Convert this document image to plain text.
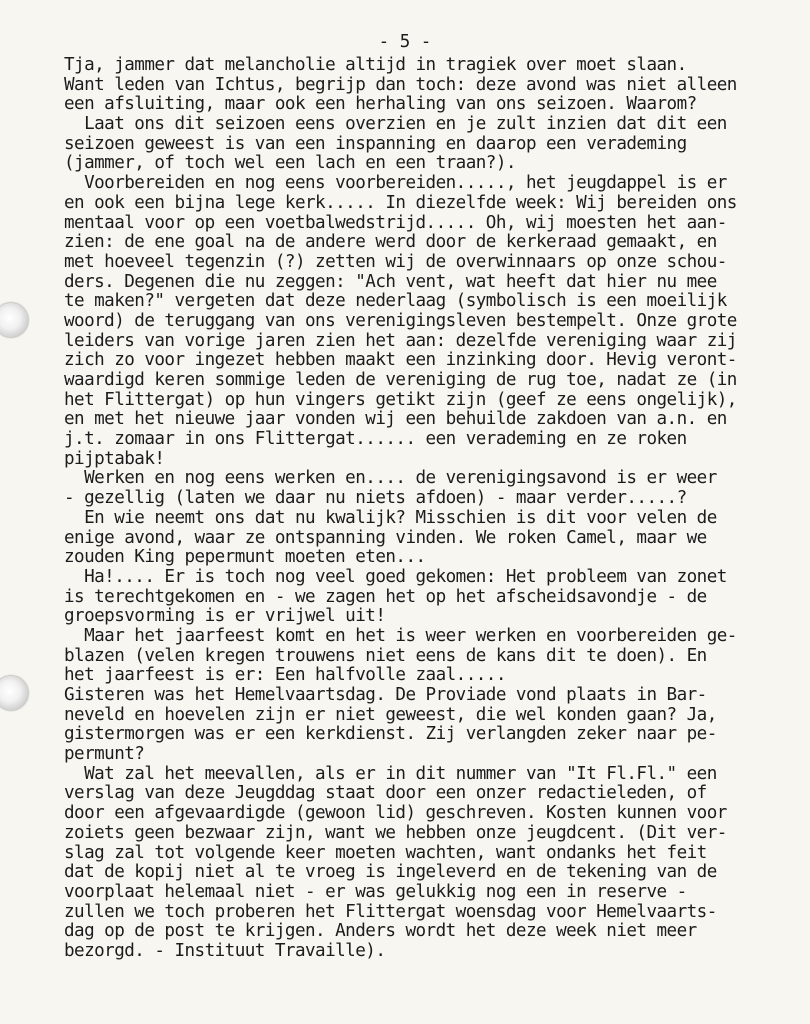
- 5 -
Tja, jammer dat melancholie altijd in tragiek over moet slaan.
Want leden van Ichtus, begrijp dan toch: deze avond was niet alleen
een afsluiting, maar ook een herhaling van ons seizoen. Waarom?
Laat ons dit seizoen eens overzien en je zult inzien dat dit een
seizoen geweest is van een inspanning en daarop een verademing
(jammer, of toch wel een lach en een traan?).
Voorbereiden en nog eens voorbereiden....., het jeugdappel is er
en ook een bijna lege kerk..... In diezelfde week: Wij bereiden ons
mentaal voor op een voetbalwedstrijd..... Oh, wij moesten het aan-
zien: de ene goal na de andere werd door de kerkeraad gemaakt, en
met hoeveel tegenzin (?) zetten wij de overwinnaars op onze schou-
ders. Degenen die nu zeggen: "Ach vent, wat heeft dat hier nu mee
te maken?" vergeten dat deze nederlaag (symbolisch is een moeilijk
woord) de teruggang van ons verenigingsleven bestempelt. Onze grote
leiders van vorige jaren zien het aan: dezelfde vereniging waar zij
zich zo voor ingezet hebben maakt een inzinking door. Hevig veront-
waardigd keren sommige leden de vereniging de rug toe, nadat ze (in
het Flittergat) op hun vingers getikt zijn (geef ze eens ongelijk),
en met het nieuwe jaar vonden wij een behuilde zakdoen van a.n. en
j.t. zomaar in ons Flittergat...... een verademing en ze roken
pijptabak!
Werken en nog eens werken en.... de verenigingsavond is er weer
- gezellig (laten we daar nu niets afdoen) - maar verder.....?
En wie neemt ons dat nu kwalijk? Misschien is dit voor velen de
enige avond, waar ze ontspanning vinden. We roken Camel, maar we
zouden King pepermunt moeten eten...
Ha!.... Er is toch nog veel goed gekomen: Het probleem van zonet
is terechtgekomen en - we zagen het op het afscheidsavondje - de
groepsvorming is er vrijwel uit!
Maar het jaarfeest komt en het is weer werken en voorbereiden ge-
blazen (velen kregen trouwens niet eens de kans dit te doen). En
het jaarfeest is er: Een halfvolle zaal.....
Gisteren was het Hemelvaartsdag. De Proviade vond plaats in Bar-
neveld en hoevelen zijn er niet geweest, die wel konden gaan? Ja,
gistermorgen was er een kerkdienst. Zij verlangden zeker naar pe-
permunt?
Wat zal het meevallen, als er in dit nummer van "It Fl.Fl." een
verslag van deze Jeugddag staat door een onzer redactieleden, of
door een afgevaardigde (gewoon lid) geschreven. Kosten kunnen voor
zoiets geen bezwaar zijn, want we hebben onze jeugdcent. (Dit ver-
slag zal tot volgende keer moeten wachten, want ondanks het feit
dat de kopij niet al te vroeg is ingeleverd en de tekening van de
voorplaat helemaal niet - er was gelukkig nog een in reserve -
zullen we toch proberen het Flittergat woensdag voor Hemelvaarts-
dag op de post te krijgen. Anders wordt het deze week niet meer
bezorgd. - Instituut Travaille).
